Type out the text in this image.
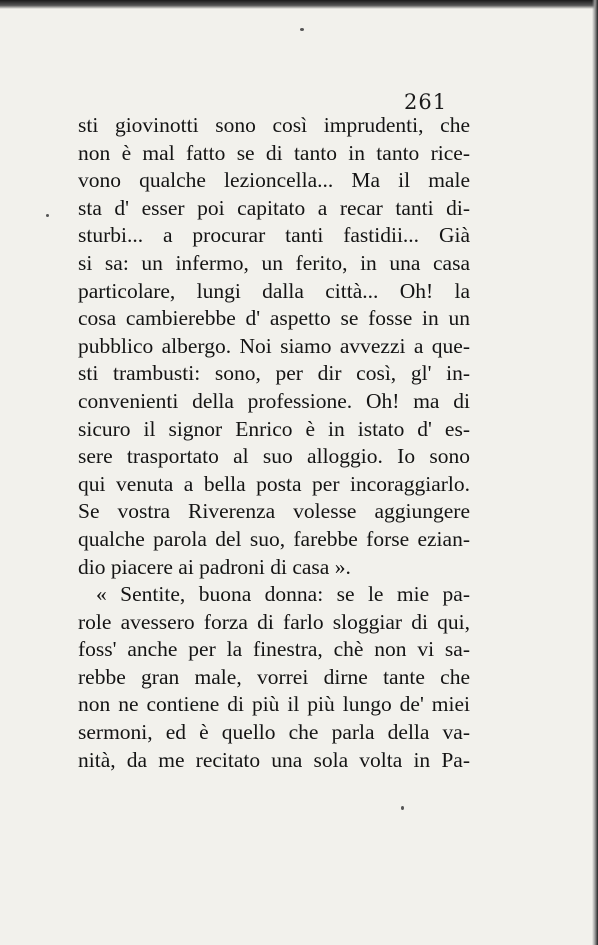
261
sti giovinotti sono così imprudenti, che
non è mal fatto se di tanto in tanto rice-
vono qualche lezioncella... Ma il male
sta d' esser poi capitato a recar tanti di-
sturbi... a procurar tanti fastidii... Già
si sa: un infermo, un ferito, in una casa
particolare, lungi dalla città... Oh! la
cosa cambierebbe d' aspetto se fosse in un
pubblico albergo. Noi siamo avvezzi a que-
sti trambusti: sono, per dir così, gl' in-
convenienti della professione. Oh! ma di
sicuro il signor Enrico è in istato d' es-
sere trasportato al suo alloggio. Io sono
qui venuta a bella posta per incoraggiarlo.
Se vostra Riverenza volesse aggiungere
qualche parola del suo, farebbe forse ezian-
dio piacere ai padroni di casa ».
« Sentite, buona donna: se le mie pa-
role avessero forza di farlo sloggiar di qui,
foss' anche per la finestra, chè non vi sa-
rebbe gran male, vorrei dirne tante che
non ne contiene di più il più lungo de' miei
sermoni, ed è quello che parla della va-
nità, da me recitato una sola volta in Pa-
